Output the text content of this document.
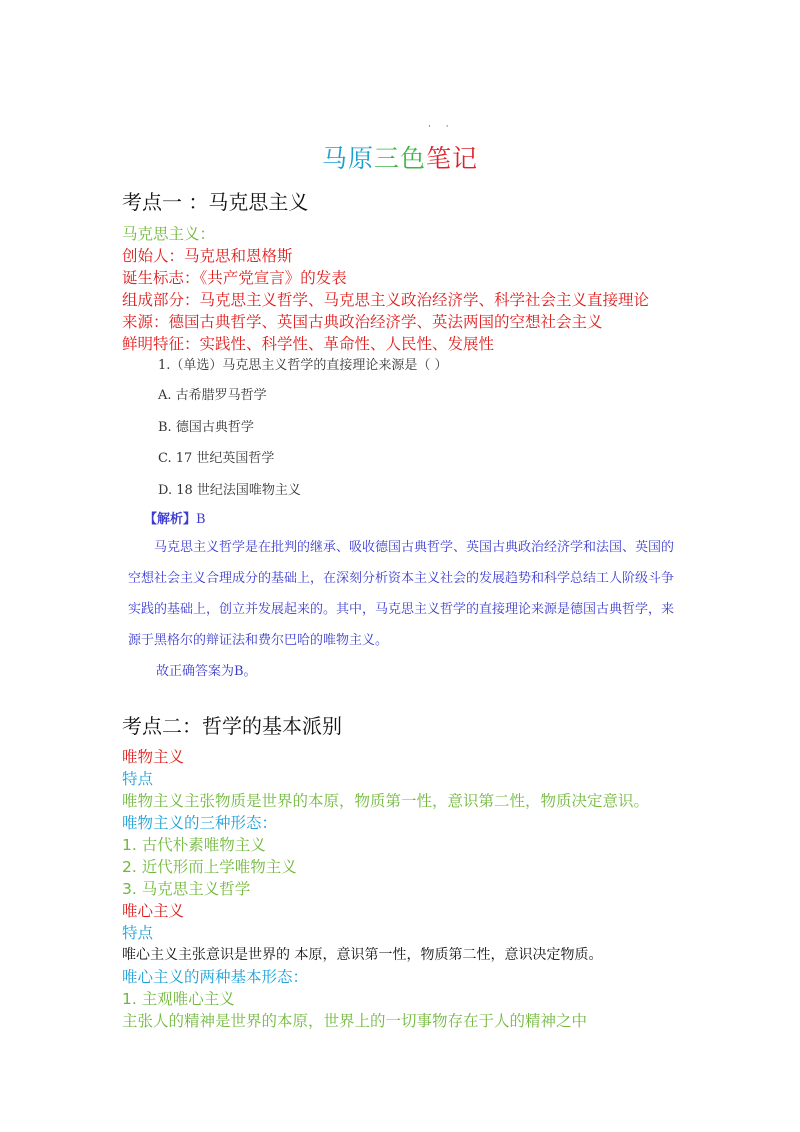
· ·
马原三色笔记
考点一 ：马克思主义
马克思主义：
创始人：马克思和恩格斯
诞生标志：《共产党宣言》的发表
组成部分：马克思主义哲学、马克思主义政治经济学、科学社会主义直接理论
来源：德国古典哲学、英国古典政治经济学、英法两国的空想社会主义
鲜明特征：实践性、科学性、革命性、人民性、发展性
1.（单选）马克思主义哲学的直接理论来源是（ ）
A. 古希腊罗马哲学
B. 德国古典哲学
C. 17 世纪英国哲学
D. 18 世纪法国唯物主义
【解析】B
马克思主义哲学是在批判的继承、吸收德国古典哲学、英国古典政治经济学和法国、英国的空想社会主义合理成分的基础上，在深刻分析资本主义社会的发展趋势和科学总结工人阶级斗争实践的基础上，创立并发展起来的。其中，马克思主义哲学的直接理论来源是德国古典哲学，来源于黑格尔的辩证法和费尔巴哈的唯物主义。
故正确答案为B。
考点二：哲学的基本派别
唯物主义
特点
唯物主义主张物质是世界的本原，物质第一性，意识第二性，物质决定意识。
唯物主义的三种形态：
1. 古代朴素唯物主义
2. 近代形而上学唯物主义
3. 马克思主义哲学
唯心主义
特点
唯心主义主张意识是世界的 本原，意识第一性，物质第二性，意识决定物质。
唯心主义的两种基本形态：
1. 主观唯心主义
主张人的精神是世界的本原，世界上的一切事物存在于人的精神之中
